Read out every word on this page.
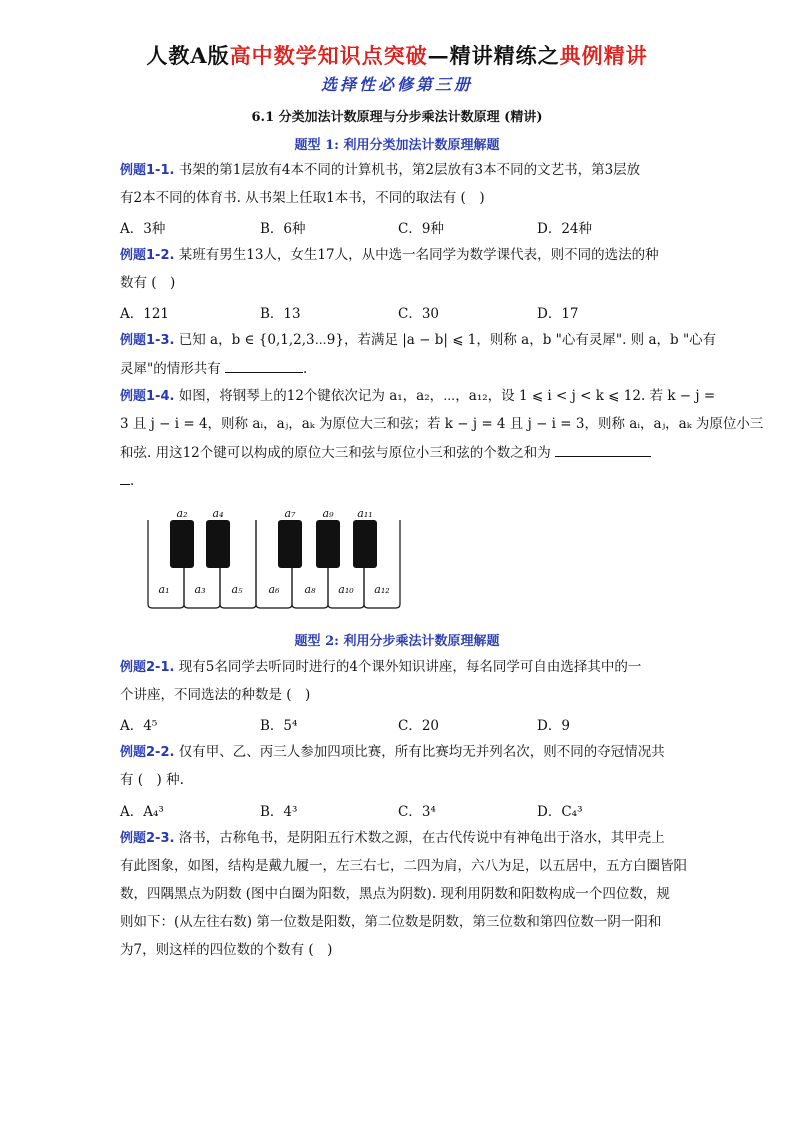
人教A版高中数学知识点突破—精讲精练之典例精讲
选择性必修第三册
6.1 分类加法计数原理与分步乘法计数原理 (精讲)
题型 1: 利用分类加法计数原理解题
例题1-1. 书架的第1层放有4本不同的计算机书，第2层放有3本不同的文艺书，第3层放
有2本不同的体育书. 从书架上任取1本书，不同的取法有 (　)
A．3种	B．6种	C．9种	D．24种
例题1-2. 某班有男生13人，女生17人，从中选一名同学为数学课代表，则不同的选法的种
数有 (　)
A．121	B．13	C．30	D．17
例题1-3. 已知 a，b ∈ {0,1,2,3⋯9}，若满足 |a − b| ⩽ 1，则称 a，b "心有灵犀". 则 a，b "心有
灵犀"的情形共有	.
例题1-4. 如图，将钢琴上的12个键依次记为 a₁，a₂，⋯，a₁₂，设 1 ⩽ i < j < k ⩽ 12. 若 k − j =
3 且 j − i = 4，则称 aᵢ，aⱼ，aₖ 为原位大三和弦；若 k − j = 4 且 j − i = 3，则称 aᵢ，aⱼ，aₖ 为原位小三
和弦. 用这12个键可以构成的原位大三和弦与原位小三和弦的个数之和为
.
a₂ a₄	a₇ a₉ a₁₁
a₁ a₃ a₅ a₆ a₈ a₁₀ a₁₂
题型 2: 利用分步乘法计数原理解题
例题2-1. 现有5名同学去听同时进行的4个课外知识讲座，每名同学可自由选择其中的一
个讲座，不同选法的种数是 (　)
A．4⁵	B．5⁴	C．20	D．9
例题2-2. 仅有甲、乙、丙三人参加四项比赛，所有比赛均无并列名次，则不同的夺冠情况共
有 (　) 种.
A．A₄³	B．4³	C．3⁴	D．C₄³
例题2-3. 洛书，古称龟书，是阴阳五行术数之源，在古代传说中有神龟出于洛水，其甲壳上
有此图象，如图，结构是戴九履一，左三右七，二四为肩，六八为足，以五居中，五方白圈皆阳
数，四隅黑点为阴数 (图中白圈为阳数，黑点为阴数). 现利用阴数和阳数构成一个四位数，规
则如下：(从左往右数) 第一位数是阳数，第二位数是阴数，第三位数和第四位数一阴一阳和
为7，则这样的四位数的个数有 (　)
